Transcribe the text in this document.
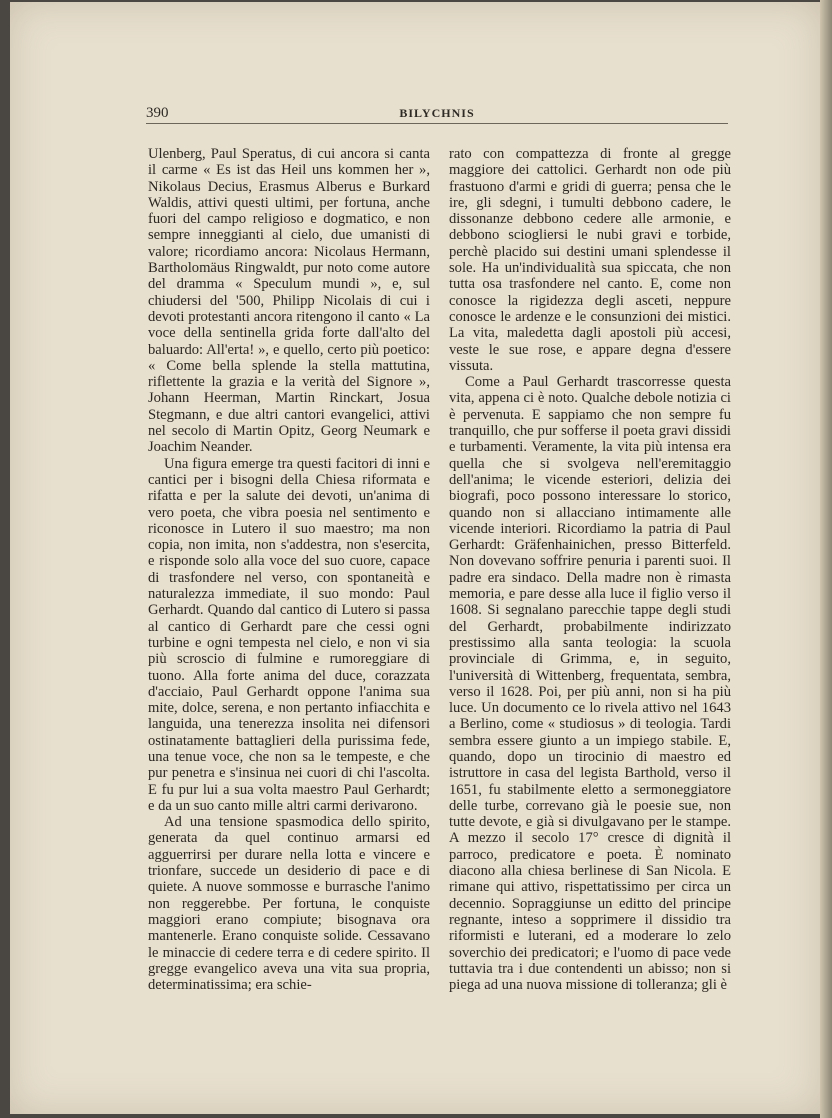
390	BILYCHNIS

Ulenberg, Paul Speratus, di cui ancora si canta il carme « Es ist das Heil uns kommen her », Nikolaus Decius, Erasmus Alberus e Burkard Waldis, attivi questi ultimi, per fortuna, anche fuori del campo religioso e dogmatico, e non sempre inneggianti al cielo, due umanisti di valore; ricordiamo ancora: Nicolaus Hermann, Bartholomäus Ringwaldt, pur noto come autore del dramma « Speculum mundi », e, sul chiudersi del '500, Philipp Nicolais di cui i devoti protestanti ancora ritengono il canto « La voce della sentinella grida forte dall'alto del baluardo: All'erta! », e quello, certo più poetico: « Come bella splende la stella mattutina, riflettente la grazia e la verità del Signore », Johann Heerman, Martin Rinckart, Josua Stegmann, e due altri cantori evangelici, attivi nel secolo di Martin Opitz, Georg Neumark e Joachim Neander.

Una figura emerge tra questi facitori di inni e cantici per i bisogni della Chiesa riformata e rifatta e per la salute dei devoti, un'anima di vero poeta, che vibra poesia nel sentimento e riconosce in Lutero il suo maestro; ma non copia, non imita, non s'addestra, non s'esercita, e risponde solo alla voce del suo cuore, capace di trasfondere nel verso, con spontaneità e naturalezza immediate, il suo mondo: Paul Gerhardt. Quando dal cantico di Lutero si passa al cantico di Gerhardt pare che cessi ogni turbine e ogni tempesta nel cielo, e non vi sia più scroscio di fulmine e rumoreggiare di tuono. Alla forte anima del duce, corazzata d'acciaio, Paul Gerhardt oppone l'anima sua mite, dolce, serena, e non pertanto infiacchita e languida, una tenerezza insolita nei difensori ostinatamente battaglieri della purissima fede, una tenue voce, che non sa le tempeste, e che pur penetra e s'insinua nei cuori di chi l'ascolta. E fu pur lui a sua volta maestro Paul Gerhardt; e da un suo canto mille altri carmi derivarono.

Ad una tensione spasmodica dello spirito, generata da quel continuo armarsi ed agguerrirsi per durare nella lotta e vincere e trionfare, succede un desiderio di pace e di quiete. A nuove sommosse e burrasche l'animo non reggerebbe. Per fortuna, le conquiste maggiori erano compiute; bisognava ora mantenerle. Erano conquiste solide. Cessavano le minaccie di cedere terra e di cedere spirito. Il gregge evangelico aveva una vita sua propria, determinatissima; era schie-

rato con compattezza di fronte al gregge maggiore dei cattolici. Gerhardt non ode più frastuono d'armi e gridi di guerra; pensa che le ire, gli sdegni, i tumulti debbono cadere, le dissonanze debbono cedere alle armonie, e debbono sciogliersi le nubi gravi e torbide, perchè placido sui destini umani splendesse il sole. Ha un'individualità sua spiccata, che non tutta osa trasfondere nel canto. E, come non conosce la rigidezza degli asceti, neppure conosce le ardenze e le consunzioni dei mistici. La vita, maledetta dagli apostoli più accesi, veste le sue rose, e appare degna d'essere vissuta.

Come a Paul Gerhardt trascorresse questa vita, appena ci è noto. Qualche debole notizia ci è pervenuta. E sappiamo che non sempre fu tranquillo, che pur sofferse il poeta gravi dissidi e turbamenti. Veramente, la vita più intensa era quella che si svolgeva nell'eremitaggio dell'anima; le vicende esteriori, delizia dei biografi, poco possono interessare lo storico, quando non si allacciano intimamente alle vicende interiori. Ricordiamo la patria di Paul Gerhardt: Gräfenhainichen, presso Bitterfeld. Non dovevano soffrire penuria i parenti suoi. Il padre era sindaco. Della madre non è rimasta memoria, e pare desse alla luce il figlio verso il 1608. Si segnalano parecchie tappe degli studi del Gerhardt, probabilmente indirizzato prestissimo alla santa teologia: la scuola provinciale di Grimma, e, in seguito, l'università di Wittenberg, frequentata, sembra, verso il 1628. Poi, per più anni, non si ha più luce. Un documento ce lo rivela attivo nel 1643 a Berlino, come « studiosus » di teologia. Tardi sembra essere giunto a un impiego stabile. E, quando, dopo un tirocinio di maestro ed istruttore in casa del legista Barthold, verso il 1651, fu stabilmente eletto a sermoneggiatore delle turbe, correvano già le poesie sue, non tutte devote, e già si divulgavano per le stampe. A mezzo il secolo 17° cresce di dignità il parroco, predicatore e poeta. È nominato diacono alla chiesa berlinese di San Nicola. E rimane qui attivo, rispettatissimo per circa un decennio. Sopraggiunse un editto del principe regnante, inteso a sopprimere il dissidio tra riformisti e luterani, ed a moderare lo zelo soverchio dei predicatori; e l'uomo di pace vede tuttavia tra i due contendenti un abisso; non si piega ad una nuova missione di tolleranza; gli è
